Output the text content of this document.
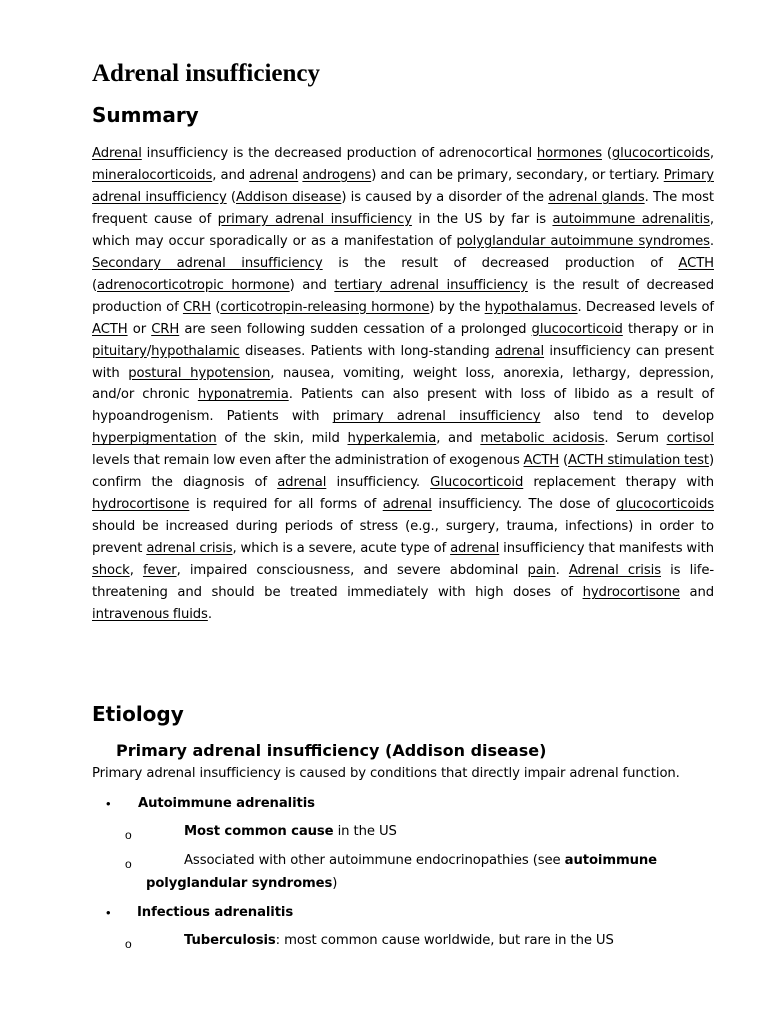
Adrenal insufficiency
Summary

Adrenal insufficiency is the decreased production of adrenocortical hormones (glucocorticoids, mineralocorticoids, and adrenal androgens) and can be primary, secondary, or tertiary. Primary adrenal insufficiency (Addison disease) is caused by a disorder of the adrenal glands. The most frequent cause of primary adrenal insufficiency in the US by far is autoimmune adrenalitis, which may occur sporadically or as a manifestation of polyglandular autoimmune syndromes. Secondary adrenal insufficiency is the result of decreased production of ACTH (adrenocorticotropic hormone) and tertiary adrenal insufficiency is the result of decreased production of CRH (corticotropin-releasing hormone) by the hypothalamus. Decreased levels of ACTH or CRH are seen following sudden cessation of a prolonged glucocorticoid therapy or in pituitary/hypothalamic diseases. Patients with long-standing adrenal insufficiency can present with postural hypotension, nausea, vomiting, weight loss, anorexia, lethargy, depression, and/or chronic hyponatremia. Patients can also present with loss of libido as a result of hypoandrogenism. Patients with primary adrenal insufficiency also tend to develop hyperpigmentation of the skin, mild hyperkalemia, and metabolic acidosis. Serum cortisol levels that remain low even after the administration of exogenous ACTH (ACTH stimulation test) confirm the diagnosis of adrenal insufficiency. Glucocorticoid replacement therapy with hydrocortisone is required for all forms of adrenal insufficiency. The dose of glucocorticoids should be increased during periods of stress (e.g., surgery, trauma, infections) in order to prevent adrenal crisis, which is a severe, acute type of adrenal insufficiency that manifests with shock, fever, impaired consciousness, and severe abdominal pain. Adrenal crisis is life-threatening and should be treated immediately with high doses of hydrocortisone and intravenous fluids.

Etiology
Primary adrenal insufficiency (Addison disease)

Primary adrenal insufficiency is caused by conditions that directly impair adrenal function.

• Autoimmune adrenalitis

o	Most common cause in the US

o	Associated with other autoimmune endocrinopathies (see autoimmune

polyglandular syndromes)

• Infectious adrenalitis

o	Tuberculosis: most common cause worldwide, but rare in the US
